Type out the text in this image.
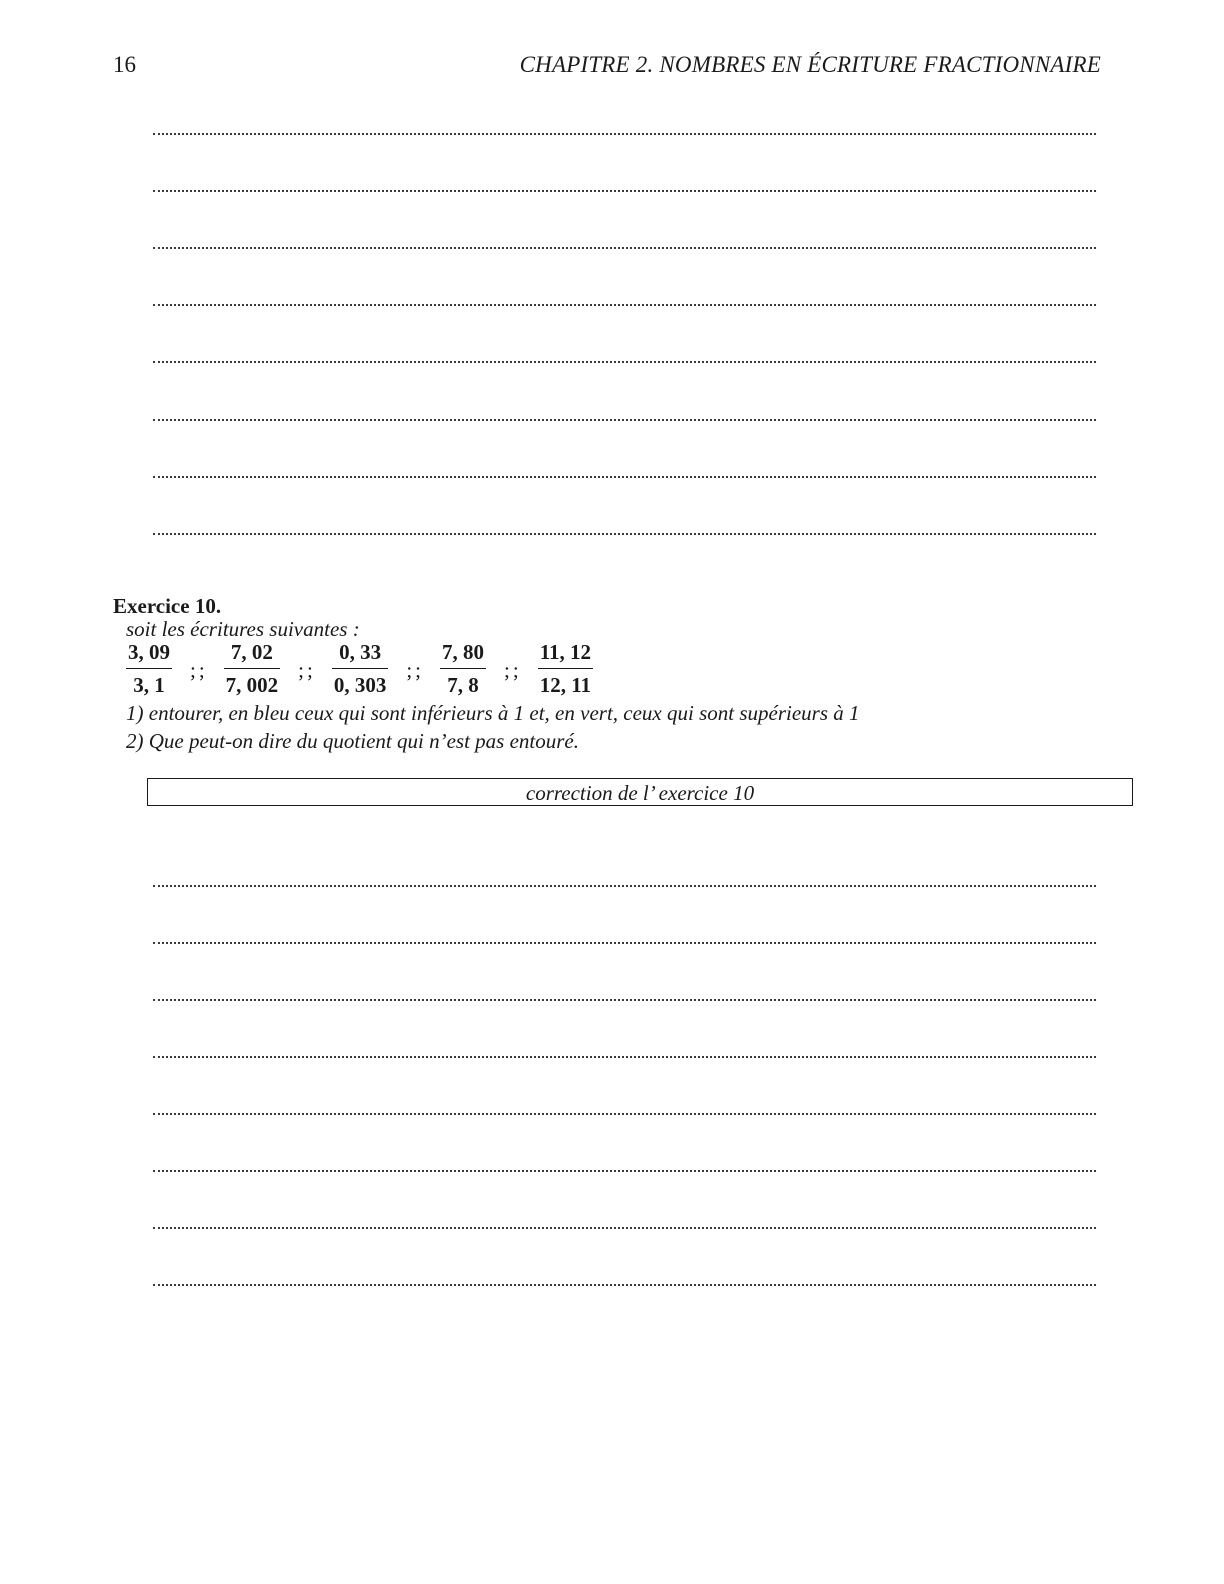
16	CHAPITRE 2. NOMBRES EN ÉCRITURE FRACTIONNAIRE
Exercice 10.
soit les écritures suivantes :
$\frac{3, 09}{3, 1}$ ;; $\frac{7, 02}{7, 002}$ ;; $\frac{0, 33}{0, 303}$ ;; $\frac{7, 80}{7, 8}$ ;; $\frac{11, 12}{12, 11}$
1) entourer, en bleu ceux qui sont inférieurs à 1 et, en vert, ceux qui sont supérieurs à 1
2) Que peut-on dire du quotient qui n’est pas entouré.
correction de l’ exercice 10
